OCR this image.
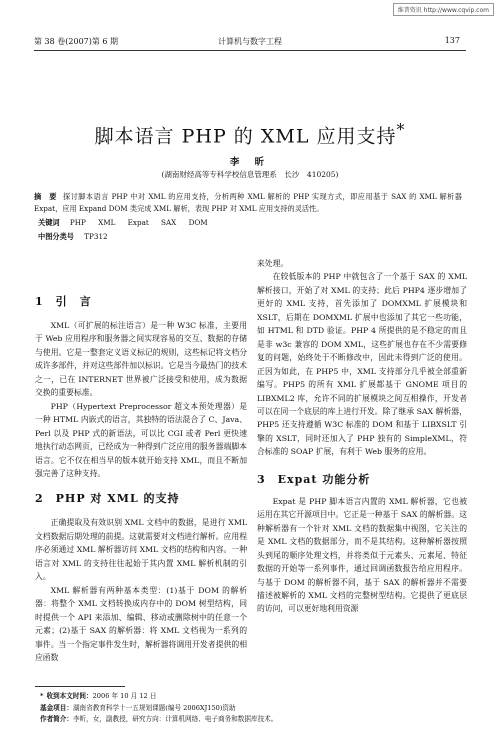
维普资讯 http://www.cqvip.com
第 38 卷(2007)第 6 期	计算机与数字工程	137
脚本语言 PHP 的 XML 应用支持*
李 昕
(湖南财经高等专科学校信息管理系　长沙　410205)
摘　要 探讨脚本语言 PHP 中对 XML 的应用支持，分析两种 XML 解析的 PHP 实现方式，即应用基于 SAX 的 XML 解析器 Expat，应用 Expand DOM 类完成 XML 解析，表现 PHP 对 XML 应用支持的灵活性。
关键词 PHP XML Expat SAX DOM
中图分类号 TP312
1　引　言

XML（可扩展的标注语言）是一种 W3C 标准，主要用于 Web 应用程序和服务器之间实现容易的交互、数据的存储与使用。它是一整套定义语义标记的规则，这些标记将文档分成许多部件，并对这些部件加以标识。它是当今最热门的技术之一，已在 INTERNET 世界被广泛接受和使用，成为数据交换的重要标准。

PHP（Hypertext Preprocessor 超文本预处理器）是一种 HTML 内嵌式的语言，其独特的语法混合了 C、Java、Perl 以及 PHP 式的新语法，可以比 CGI 或者 Perl 更快速地执行动态网页，已经成为一种得到广泛应用的服务器端脚本语言。它不仅在相当早的版本就开始支持 XML，而且不断加强完善了这种支持。

2　PHP 对 XML 的支持

正确提取及有效识别 XML 文档中的数据，是进行 XML 文档数据后期处理的前提。这就需要对文档进行解析。应用程序必须通过 XML 解析器访问 XML 文档的结构和内容。一种语言对 XML 的支持往往起始于其内置 XML 解析机制的引入。

XML 解析器有两种基本类型：(1)基于 DOM 的解析器：将整个 XML 文档转换成内存中的 DOM 树型结构，同时提供一个 API 来添加、编辑、移动或删除树中的任意一个元素；(2)基于 SAX 的解析器：将 XML 文档视为一系列的事件。当一个指定事件发生时，解析器将调用开发者提供的相应函数

来处理。

在较低版本的 PHP 中就包含了一个基于 SAX 的 XML 解析接口，开始了对 XML 的支持；此后 PHP4 逐步增加了更好的 XML 支持，首先添加了 DOMXML 扩展模块和 XSLT，后期在 DOMXML 扩展中也添加了其它一些功能，如 HTML 和 DTD 验证。PHP 4 所提供的是不稳定的而且是非 w3c 兼容的 DOM XML，这些扩展也存在不少需要修复的问题，始终处于不断修改中，因此未得到广泛的使用。正因为如此，在 PHP5 中，XML 支持部分几乎被全部重新编写。PHP5 的所有 XML 扩展都基于 GNOME 项目的 LIBXML2 库，允许不同的扩展模块之间互相操作，开发者可以在同一个底层的库上进行开发。除了继承 SAX 解析器，PHP5 还支持遵循 W3C 标准的 DOM 和基于 LIBXSLT 引擎的 XSLT，同时还加入了 PHP 独有的 SimpleXML，符合标准的 SOAP 扩展，有利于 Web 服务的应用。

3　Expat 功能分析

Expat 是 PHP 脚本语言内置的 XML 解析器，它也被运用在其它开源项目中。它正是一种基于 SAX 的解析器。这种解析器有一个针对 XML 文档的数据集中视图，它关注的是 XML 文档的数据部分，而不是其结构。这种解析器按照头到尾的顺序处理文档，并将类似于元素头、元素尾、特征数据的开始等一系列事件，通过回调函数报告给应用程序。与基于 DOM 的解析器不同，基于 SAX 的解析器并不需要描述被解析的 XML 文档的完整树型结构。它提供了更底层的访问，可以更好地利用资源

* 收到本文时间：2006 年 10 月 12 日
基金项目：湖南省教育科学十一五规划课题(编号 2006XJ150)资助
作者简介：李昕，女，副教授，研究方向：计算机网络、电子商务和数据库技术。
